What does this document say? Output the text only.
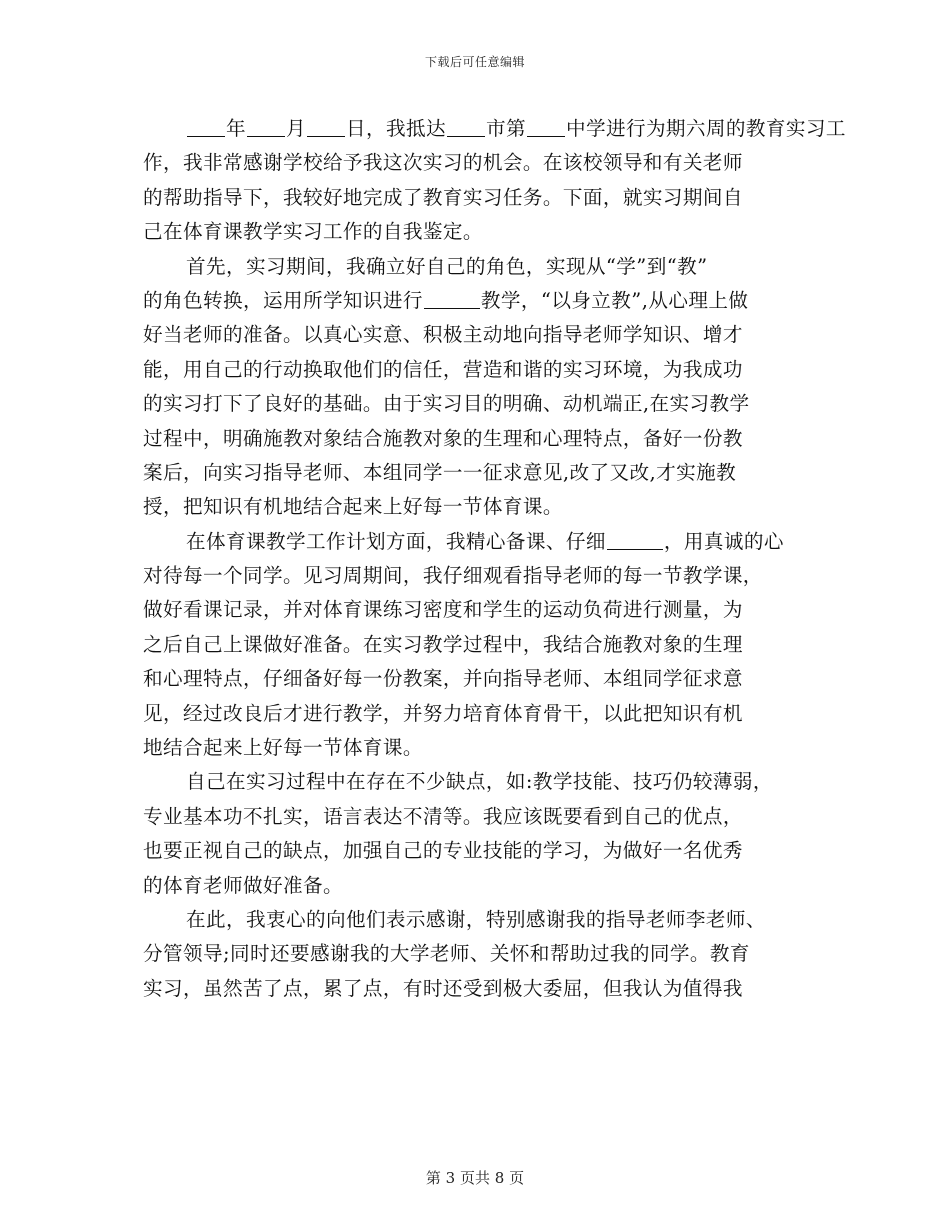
下载后可任意编辑
年 月 日，我抵达 市第 中学进行为期六周的教育实习工
作，我非常感谢学校给予我这次实习的机会。在该校领导和有关老师
的帮助指导下，我较好地完成了教育实习任务。下面，就实习期间自
己在体育课教学实习工作的自我鉴定。
首先，实习期间，我确立好自己的角色，实现从“学”到“教”
的角色转换，运用所学知识进行	教学，“以身立教”,从心理上做
好当老师的准备。以真心实意、积极主动地向指导老师学知识、增才
能，用自己的行动换取他们的信任，营造和谐的实习环境，为我成功
的实习打下了良好的基础。由于实习目的明确、动机端正,在实习教学
过程中，明确施教对象结合施教对象的生理和心理特点，备好一份教
案后，向实习指导老师、本组同学一一征求意见,改了又改,才实施教
授，把知识有机地结合起来上好每一节体育课。
在体育课教学工作计划方面，我精心备课、仔细	，用真诚的心
对待每一个同学。见习周期间，我仔细观看指导老师的每一节教学课，
做好看课记录，并对体育课练习密度和学生的运动负荷进行测量，为
之后自己上课做好准备。在实习教学过程中，我结合施教对象的生理
和心理特点，仔细备好每一份教案，并向指导老师、本组同学征求意
见，经过改良后才进行教学，并努力培育体育骨干，以此把知识有机
地结合起来上好每一节体育课。
自己在实习过程中在存在不少缺点，如:教学技能、技巧仍较薄弱，
专业基本功不扎实，语言表达不清等。我应该既要看到自己的优点，
也要正视自己的缺点，加强自己的专业技能的学习，为做好一名优秀
的体育老师做好准备。
在此，我衷心的向他们表示感谢，特别感谢我的指导老师李老师、
分管领导;同时还要感谢我的大学老师、关怀和帮助过我的同学。教育
实习，虽然苦了点，累了点，有时还受到极大委屈，但我认为值得我
第 3 页共 8 页
